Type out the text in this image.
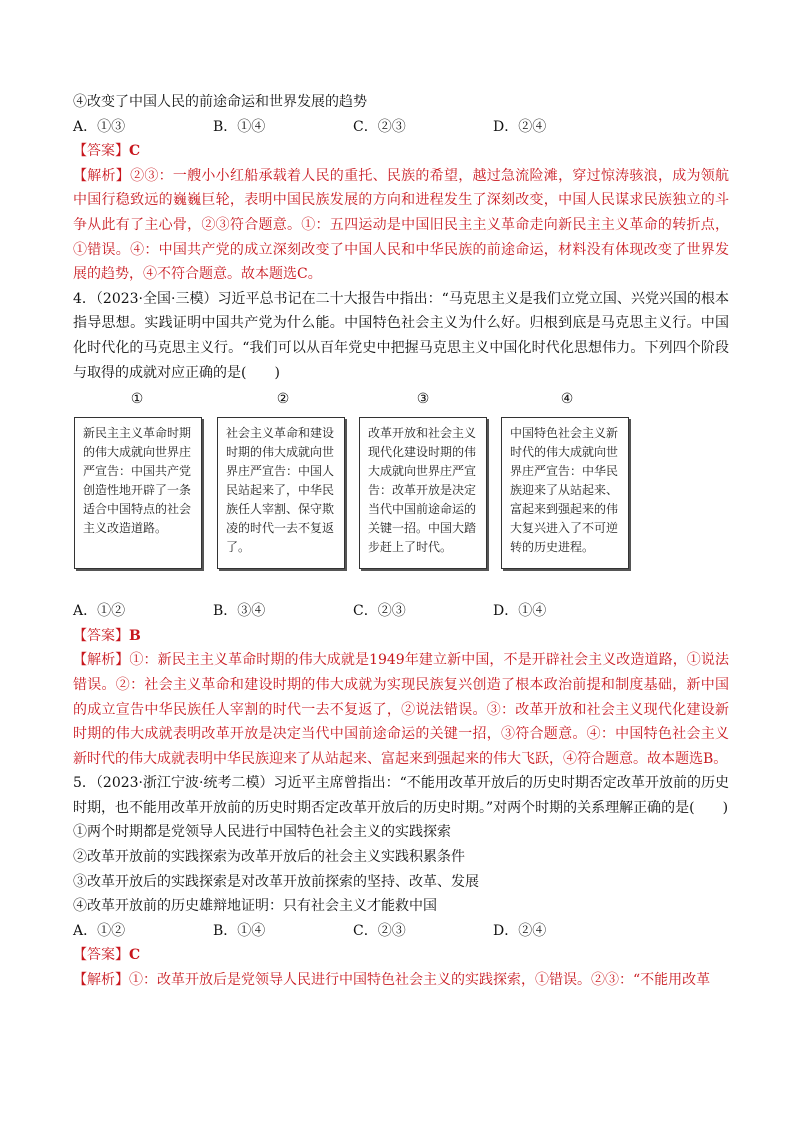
④改变了中国人民的前途命运和世界发展的趋势

A．①③	B．①④	C．②③	D．②④

【答案】C

【解析】②③：一艘小小红船承载着人民的重托、民族的希望，越过急流险滩，穿过惊涛骇浪，成为领航中国行稳致远的巍巍巨轮，表明中国民族发展的方向和进程发生了深刻改变，中国人民谋求民族独立的斗争从此有了主心骨，②③符合题意。①：五四运动是中国旧民主主义革命走向新民主主义革命的转折点，①错误。④：中国共产党的成立深刻改变了中国人民和中华民族的前途命运，材料没有体现改变了世界发展的趋势，④不符合题意。故本题选C。

4．（2023·全国·三模）习近平总书记在二十大报告中指出：“马克思主义是我们立党立国、兴党兴国的根本指导思想。实践证明中国共产党为什么能。中国特色社会主义为什么好。归根到底是马克思主义行。中国化时代化的马克思主义行。“我们可以从百年党史中把握马克思主义中国化时代化思想伟力。下列四个阶段与取得的成就对应正确的是(　　)

①	②	③	④
新民主主义革命时期的伟大成就向世界庄严宣告：中国共产党创造性地开辟了一条适合中国特点的社会主义改造道路。
社会主义革命和建设时期的伟大成就向世界庄严宣告：中国人民站起来了，中华民族任人宰割、保守欺凌的时代一去不复返了。
改革开放和社会主义现代化建设时期的伟大成就向世界庄严宣告：改革开放是决定当代中国前途命运的关键一招。中国大踏步赶上了时代。
中国特色社会主义新时代的伟大成就向世界庄严宣告：中华民族迎来了从站起来、富起来到强起来的伟大复兴进入了不可逆转的历史进程。
A．①②	B．③④	C．②③	D．①④

【答案】B

【解析】①：新民主主义革命时期的伟大成就是1949年建立新中国，不是开辟社会主义改造道路，①说法错误。②：社会主义革命和建设时期的伟大成就为实现民族复兴创造了根本政治前提和制度基础，新中国的成立宣告中华民族任人宰割的时代一去不复返了，②说法错误。③：改革开放和社会主义现代化建设新时期的伟大成就表明改革开放是决定当代中国前途命运的关键一招，③符合题意。④：中国特色社会主义新时代的伟大成就表明中华民族迎来了从站起来、富起来到强起来的伟大飞跃，④符合题意。故本题选B。

5．（2023·浙江宁波·统考二模）习近平主席曾指出：“不能用改革开放后的历史时期否定改革开放前的历史时期，也不能用改革开放前的历史时期否定改革开放后的历史时期。”对两个时期的关系理解正确的是(　　)

①两个时期都是党领导人民进行中国特色社会主义的实践探索

②改革开放前的实践探索为改革开放后的社会主义实践积累条件

③改革开放后的实践探索是对改革开放前探索的坚持、改革、发展

④改革开放前的历史雄辩地证明：只有社会主义才能救中国

A．①②	B．①④	C．②③	D．②④

【答案】C

【解析】①：改革开放后是党领导人民进行中国特色社会主义的实践探索，①错误。②③：“不能用改革
